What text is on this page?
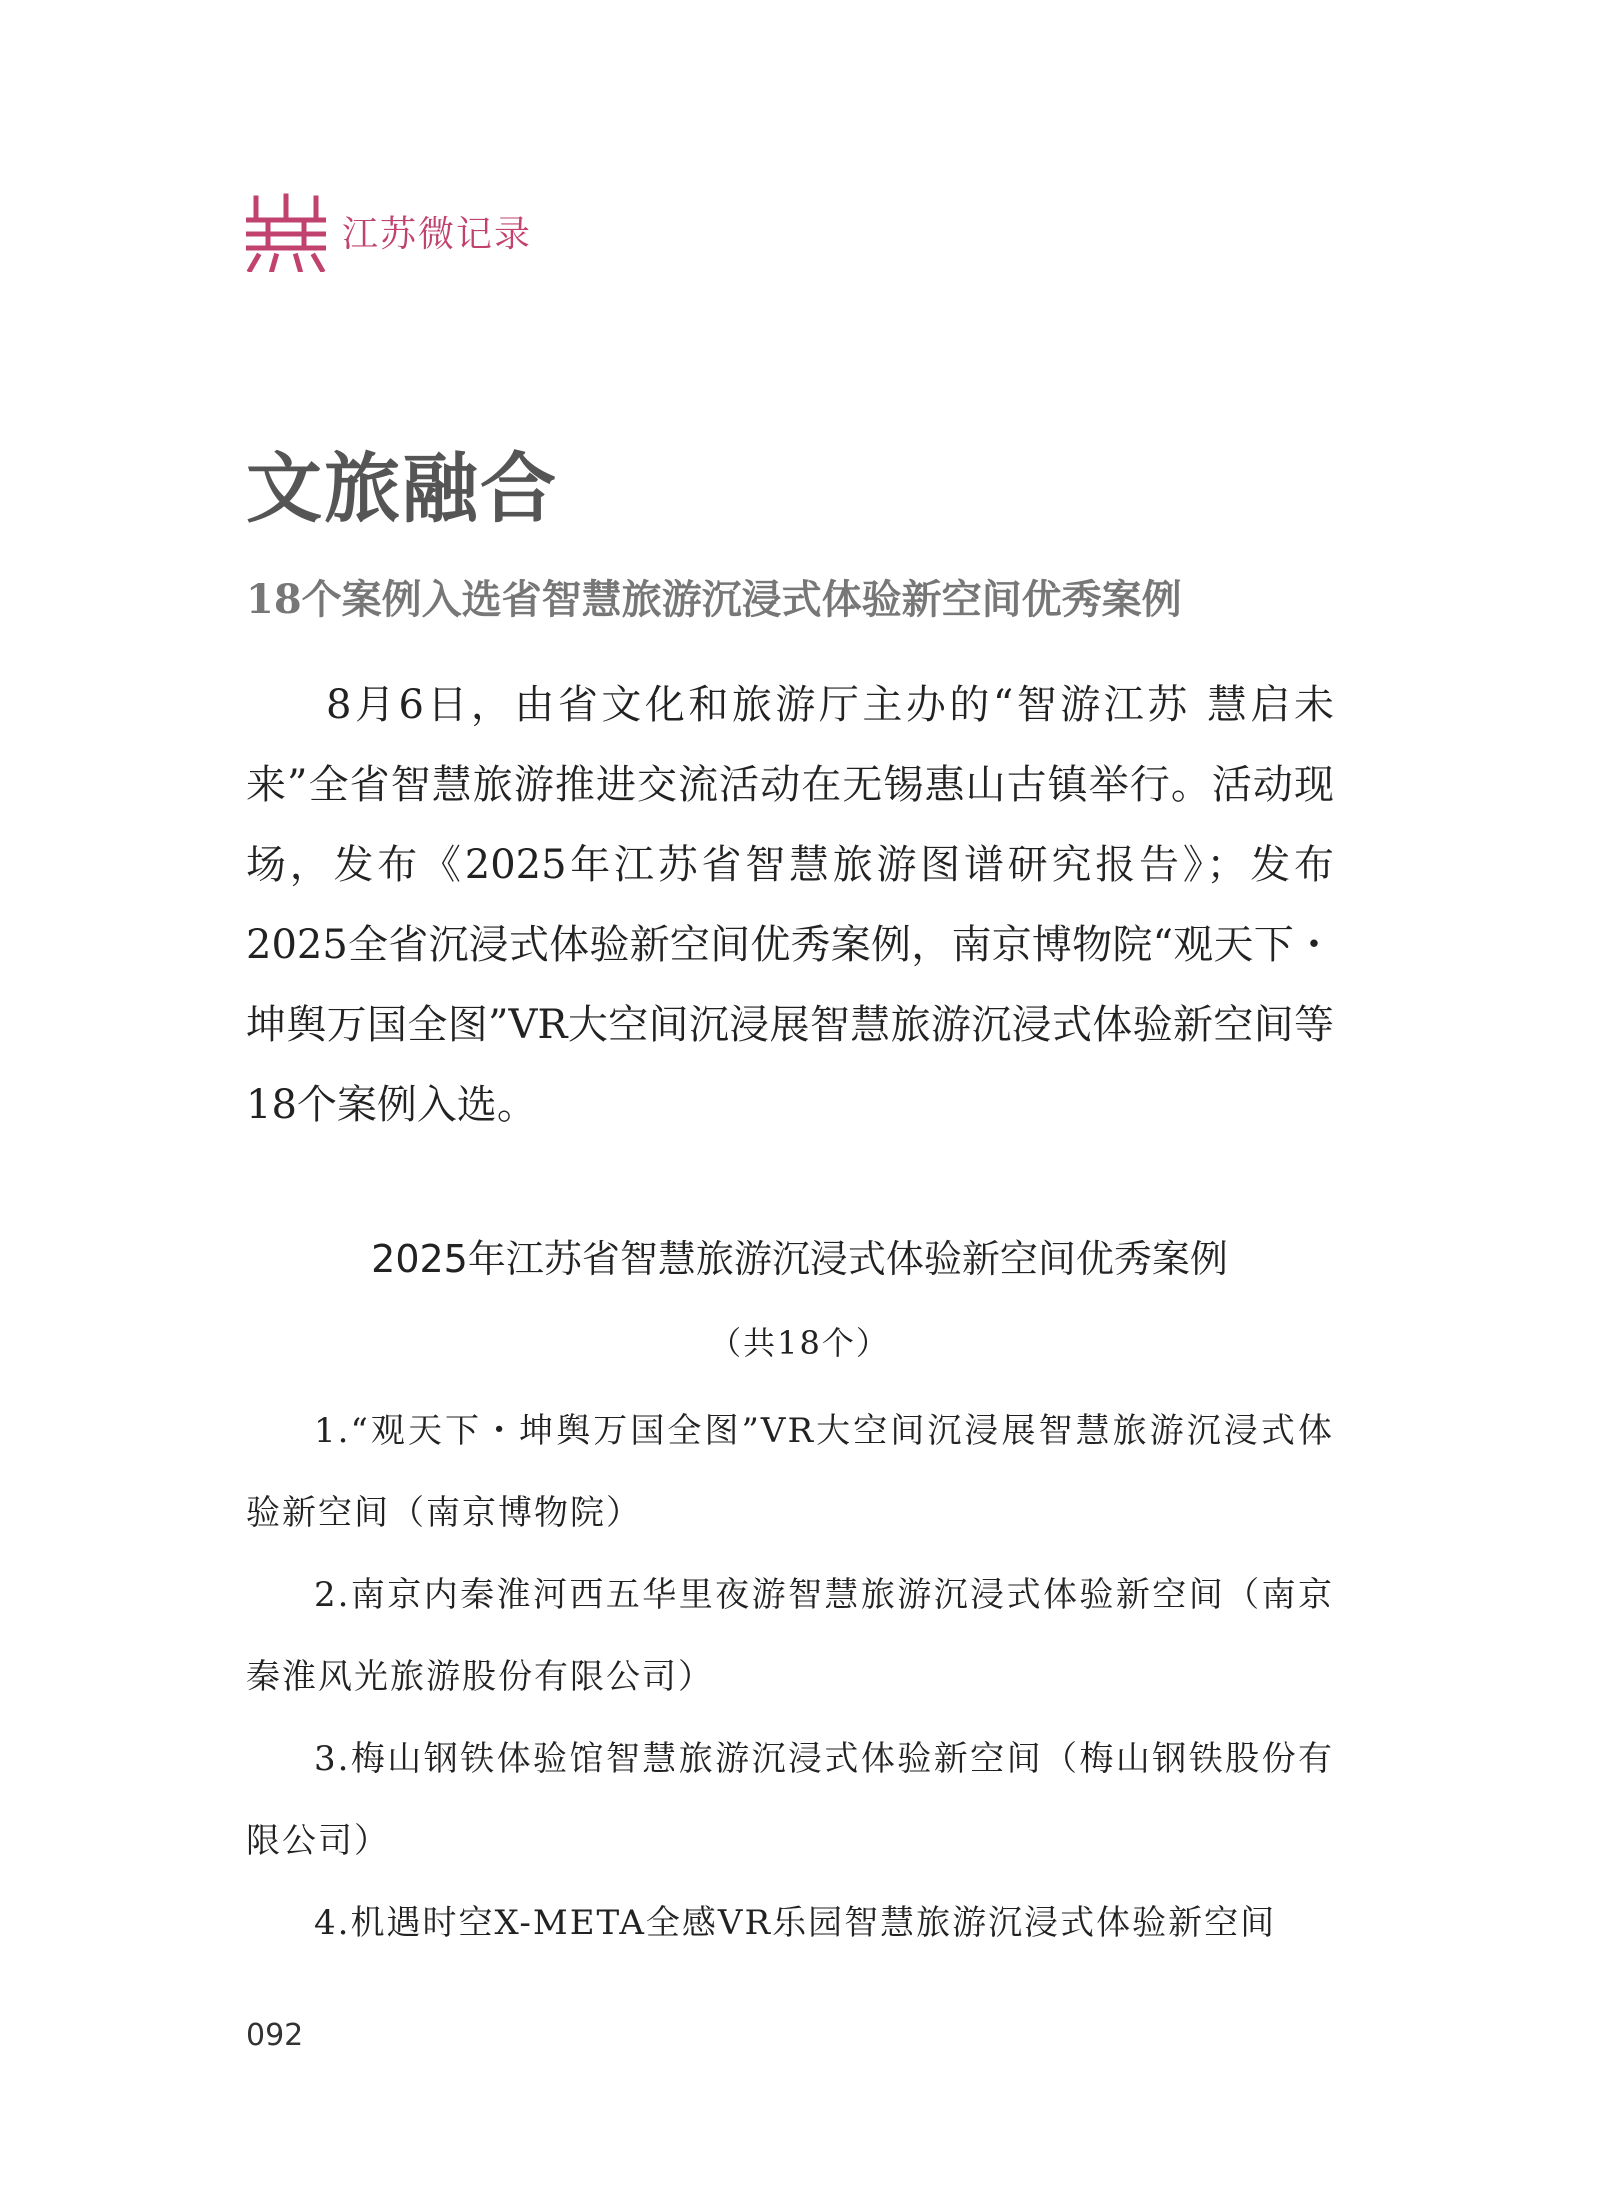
江苏微记录
文旅融合
18个案例入选省智慧旅游沉浸式体验新空间优秀案例

8月6日，由省文化和旅游厅主办的“智游江苏 慧启未来”全省智慧旅游推进交流活动在无锡惠山古镇举行。活动现场，发布《2025年江苏省智慧旅游图谱研究报告》；发布2025全省沉浸式体验新空间优秀案例，南京博物院“观天下・坤舆万国全图”VR大空间沉浸展智慧旅游沉浸式体验新空间等18个案例入选。

2025年江苏省智慧旅游沉浸式体验新空间优秀案例
（共18个）
1.“观天下・坤舆万国全图”VR大空间沉浸展智慧旅游沉浸式体验新空间（南京博物院）
2.南京内秦淮河西五华里夜游智慧旅游沉浸式体验新空间（南京秦淮风光旅游股份有限公司）
3.梅山钢铁体验馆智慧旅游沉浸式体验新空间（梅山钢铁股份有限公司）
4.机遇时空X-META全感VR乐园智慧旅游沉浸式体验新空间
092
